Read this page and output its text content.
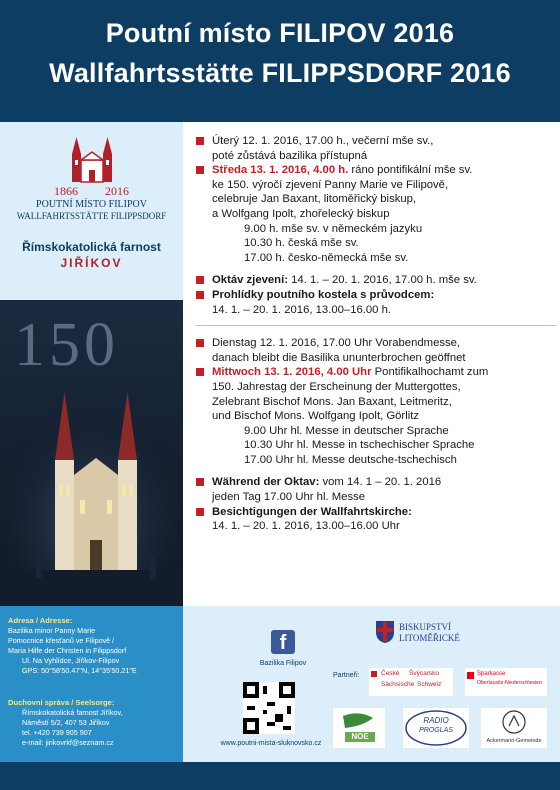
Poutní místo FILIPOV 2016
Wallfahrtsstätte FILIPPSDORF 2016
1866 2016
POUTNÍ MÍSTO FILIPOV
WALLFAHRTSSTÄTTE FILIPPSDORF
Římskokatolická farnost
JIŘÍKOV
150
Úterý 12. 1. 2016, 17.00 h., večerní mše sv.,
poté zůstává bazilika přístupná
Středa 13. 1. 2016, 4.00 h. ráno pontifikální mše sv.
ke 150. výročí zjevení Panny Marie ve Filipově,
celebruje Jan Baxant, litoměřický biskup,
a Wolfgang Ipolt, zhořelecký biskup
9.00 h. mše sv. v německém jazyku
10.30 h. česká mše sv.
17.00 h. česko-německá mše sv.
Oktáv zjevení: 14. 1. – 20. 1. 2016, 17.00 h. mše sv.
Prohlídky poutního kostela s průvodcem:
14. 1. – 20. 1. 2016, 13.00–16.00 h.
Dienstag 12. 1. 2016, 17.00 Uhr Vorabendmesse,
danach bleibt die Basilika ununterbrochen geöffnet
Mittwoch 13. 1. 2016, 4.00 Uhr Pontifikalhochamt zum
150. Jahrestag der Erscheinung der Muttergottes,
Zelebrant Bischof Mons. Jan Baxant, Leitmeritz,
und Bischof Mons. Wolfgang Ipolt, Görlitz
9.00 Uhr hl. Messe in deutscher Sprache
10.30 Uhr hl. Messe in tschechischer Sprache
17.00 Uhr hl. Messe deutsche-tschechisch
Während der Oktav: vom 14. 1 – 20. 1. 2016
jeden Tag 17.00 Uhr hl. Messe
Besichtigungen der Wallfahrtskirche:
14. 1. – 20. 1. 2016, 13.00–16.00 Uhr
Adresa / Adresse:
Bazilika minor Panny Marie
Pomocnice křesťanů ve Filipově /
Maria Hilfe der Christen in Filippsdorf
Ul. Na Vyhlídce, Jiříkov-Filipov
GPS: 50°58'50.47"N, 14°35'50.21"E
Duchovní správa / Seelsorge:
Římskokatolická farnost Jiříkov,
Náměstí 5/2, 407 53 Jiříkov
tel. +420 739 905 907
e-mail: jirikovrkf@seznam.cz
f
Bazilika Filipov
www.poutni-mista-sluknovsko.cz
BISKUPSTVÍ
LITOMĚŘICKÉ
Partneři:	České Švýcarsko
Sächsische Schweiz
Sparkasse
Oberlausitz-Niederschlesien
NOE
RADIO
PROGLAS
Ackermann-Gemeinde
